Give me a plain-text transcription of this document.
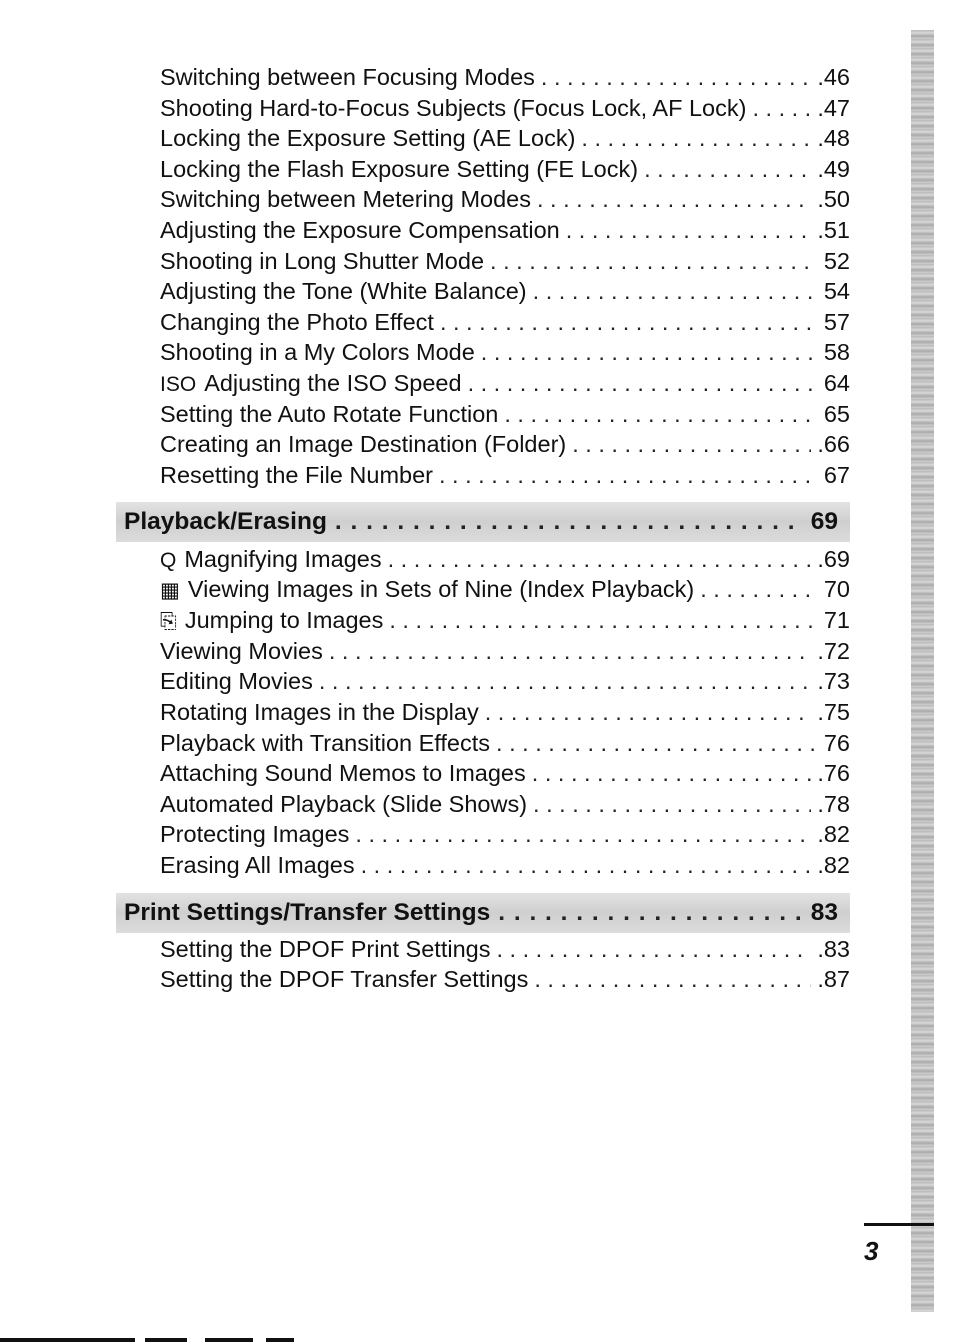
Switching between Focusing Modes . . .	.46
Shooting Hard-to-Focus Subjects (Focus Lock, AF Lock) . . .	.47
Locking the Exposure Setting (AE Lock) . . .	.48
Locking the Flash Exposure Setting (FE Lock) . . .	.49
Switching between Metering Modes . . .	.50
Adjusting the Exposure Compensation . . .	.51
Shooting in Long Shutter Mode . . .	52
Adjusting the Tone (White Balance) . . .	54
Changing the Photo Effect . . .	57
Shooting in a My Colors Mode . . .	58
ISO Adjusting the ISO Speed . . .	64
Setting the Auto Rotate Function . . .	65
Creating an Image Destination (Folder) . . .	.66
Resetting the File Number . . .	67
Playback/Erasing . . .	69
Q Magnifying Images . . .	.69
▦ Viewing Images in Sets of Nine (Index Playback) . . .	70
⎘ Jumping to Images . . .	71
Viewing Movies . . .	.72
Editing Movies . . .	.73
Rotating Images in the Display . . .	.75
Playback with Transition Effects . . .	76
Attaching Sound Memos to Images . . .	.76
Automated Playback (Slide Shows) . . .	.78
Protecting Images . . .	.82
Erasing All Images . . .	.82
Print Settings/Transfer Settings . . .	83
Setting the DPOF Print Settings . . .	.83
Setting the DPOF Transfer Settings . . .	.87
3
